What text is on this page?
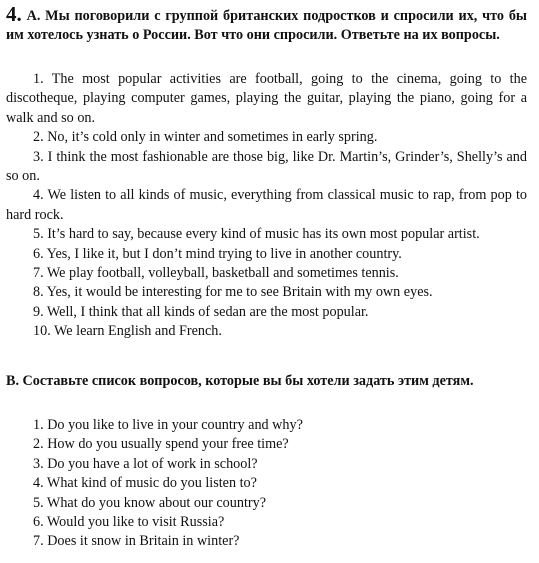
4. А. Мы поговорили с группой британских подростков и спросили их, что бы им хотелось узнать о России. Вот что они спросили. Ответьте на их вопросы.
1. The most popular activities are football, going to the cinema, going to the discotheque, playing computer games, playing the guitar, playing the piano, going for a walk and so on.
2. No, it’s cold only in winter and sometimes in early spring.
3. I think the most fashionable are those big, like Dr. Martin’s, Grinder’s, Shelly’s and so on.
4. We listen to all kinds of music, everything from classical music to rap, from pop to hard rock.
5. It’s hard to say, because every kind of music has its own most popular artist.
6. Yes, I like it, but I don’t mind trying to live in another country.
7. We play football, volleyball, basketball and sometimes tennis.
8. Yes, it would be interesting for me to see Britain with my own eyes.
9. Well, I think that all kinds of sedan are the most popular.
10. We learn English and French.
B. Составьте список вопросов, которые вы бы хотели задать этим детям.
1. Do you like to live in your country and why?
2. How do you usually spend your free time?
3. Do you have a lot of work in school?
4. What kind of music do you listen to?
5. What do you know about our country?
6. Would you like to visit Russia?
7. Does it snow in Britain in winter?
